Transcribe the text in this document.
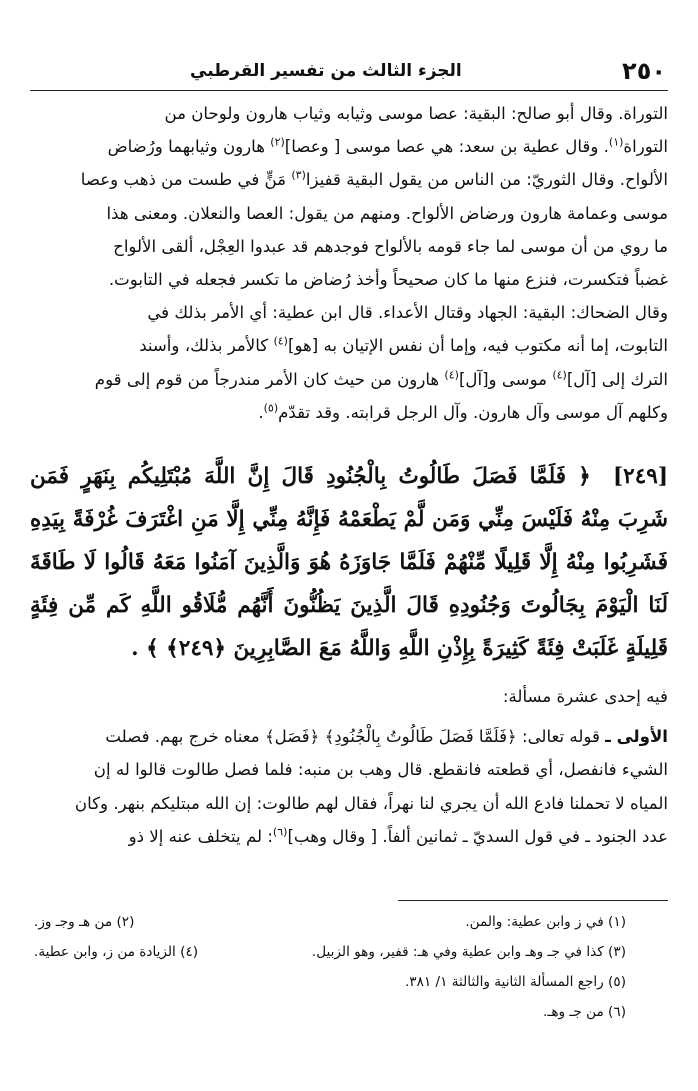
٢٥٠
الجزء الثالث من تفسير القرطبي

التوراة. وقال أبو صالح: البقية: عصا موسى وثيابه وثياب هارون ولوحان من
التوراة$^{(١)}$. وقال عطية بن سعد: هي عصا موسى [ وعصا]$^{(٢)}$ هارون وثيابهما ورُضاض
الألواح. وقال الثوريّ: من الناس من يقول البقية قفيزا$^{(٣)}$ مَنٍّ في طست من ذهب وعصا
موسى وعمامة هارون ورضاض الألواح. ومنهم من يقول: العصا والنعلان. ومعنى هذا
ما روي من أن موسى لما جاء قومه بالألواح فوجدهم قد عبدوا العِجْل، ألقى الألواح
غضباً فتكسرت، فنزع منها ما كان صحيحاً وأخذ رُضاض ما تكسر فجعله في التابوت.
وقال الضحاك: البقية: الجهاد وقتال الأعداء. قال ابن عطية: أي الأمر بذلك في
التابوت، إما أنه مكتوب فيه، وإما أن نفس الإتيان به [هو]$^{(٤)}$ كالأمر بذلك، وأسند
الترك إلى [آل]$^{(٤)}$ موسى و[آل]$^{(٤)}$ هارون من حيث كان الأمر مندرجاً من قوم إلى قوم
وكلهم آل موسى وآل هارون. وآل الرجل قرابته. وقد تقدّم$^{(٥)}$.

[٢٤٩] ﴿ فَلَمَّا فَصَلَ طَالُوتُ بِالْجُنُودِ قَالَ إِنَّ اللَّهَ مُبْتَلِيكُم بِنَهَرٍ فَمَن شَرِبَ مِنْهُ فَلَيْسَ مِنِّي وَمَن لَّمْ يَطْعَمْهُ فَإِنَّهُ مِنِّي إِلَّا مَنِ اغْتَرَفَ غُرْفَةً بِيَدِهِ فَشَرِبُوا مِنْهُ إِلَّا قَلِيلًا مِّنْهُمْ فَلَمَّا جَاوَزَهُ هُوَ وَالَّذِينَ آمَنُوا مَعَهُ قَالُوا لَا طَاقَةَ لَنَا الْيَوْمَ بِجَالُوتَ وَجُنُودِهِ قَالَ الَّذِينَ يَظُنُّونَ أَنَّهُم مُّلَاقُو اللَّهِ كَم مِّن فِئَةٍ قَلِيلَةٍ غَلَبَتْ فِئَةً كَثِيرَةً بِإِذْنِ اللَّهِ وَاللَّهُ مَعَ الصَّابِرِينَ ﴿٢٤٩﴾ ﴾ .
فيه إحدى عشرة مسألة:

الأولى ـ قوله تعالى: ﴿فَلَمَّا فَصَلَ طَالُوتُ بِالْجُنُودِ﴾ ﴿فَصَل﴾ معناه خرج بهم. فصلت
الشيء فانفصل، أي قطعته فانقطع. قال وهب بن منبه: فلما فصل طالوت قالوا له إن
المياه لا تحملنا فادع الله أن يجري لنا نهراً، فقال لهم طالوت: إن الله مبتليكم بنهر. وكان
عدد الجنود ـ في قول السديّ ـ ثمانين ألفاً. [ وقال وهب]$^{(٦)}$: لم يتخلف عنه إلا ذو

(١) في ز وابن عطية: والمن.
(٢) من هـ وجـ وز.
(٣) كذا في جـ وهـ وابن عطية وفي هـ: قفير، وهو الزبيل.
(٤) الزيادة من ز، وابن عطية.
(٥) راجع المسألة الثانية والثالثة ١/ ٣٨١.
(٦) من جـ وهـ.
